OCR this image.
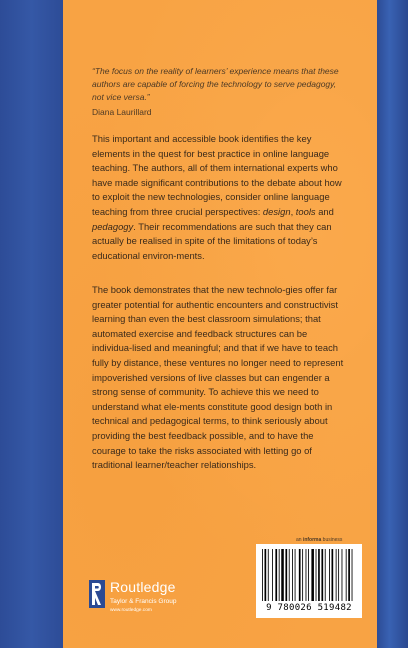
“The focus on the reality of learners’ experience means that these authors are capable of forcing the technology to serve pedagogy, not vice versa.”
Diana Laurillard

This important and accessible book identifies the key elements in the quest for best practice in online language teaching. The authors, all of them international experts who have made significant contributions to the debate about how to exploit the new technologies, consider online language teaching from three crucial perspectives: design, tools and pedagogy. Their recommendations are such that they can actually be realised in spite of the limitations of today’s educational environ-ments.

The book demonstrates that the new technolo-gies offer far greater potential for authentic encounters and constructivist learning than even the best classroom simulations; that automated exercise and feedback structures can be individua-lised and meaningful; and that if we have to teach fully by distance, these ventures no longer need to represent impoverished versions of live classes but can engender a strong sense of community. To achieve this we need to understand what ele-ments constitute good design both in technical and pedagogical terms, to think seriously about providing the best feedback possible, and to have the courage to take the risks associated with letting go of traditional learner/teacher relationships.

an informa business
9 780026 519482
Routledge
Taylor & Francis Group
www.routledge.com
